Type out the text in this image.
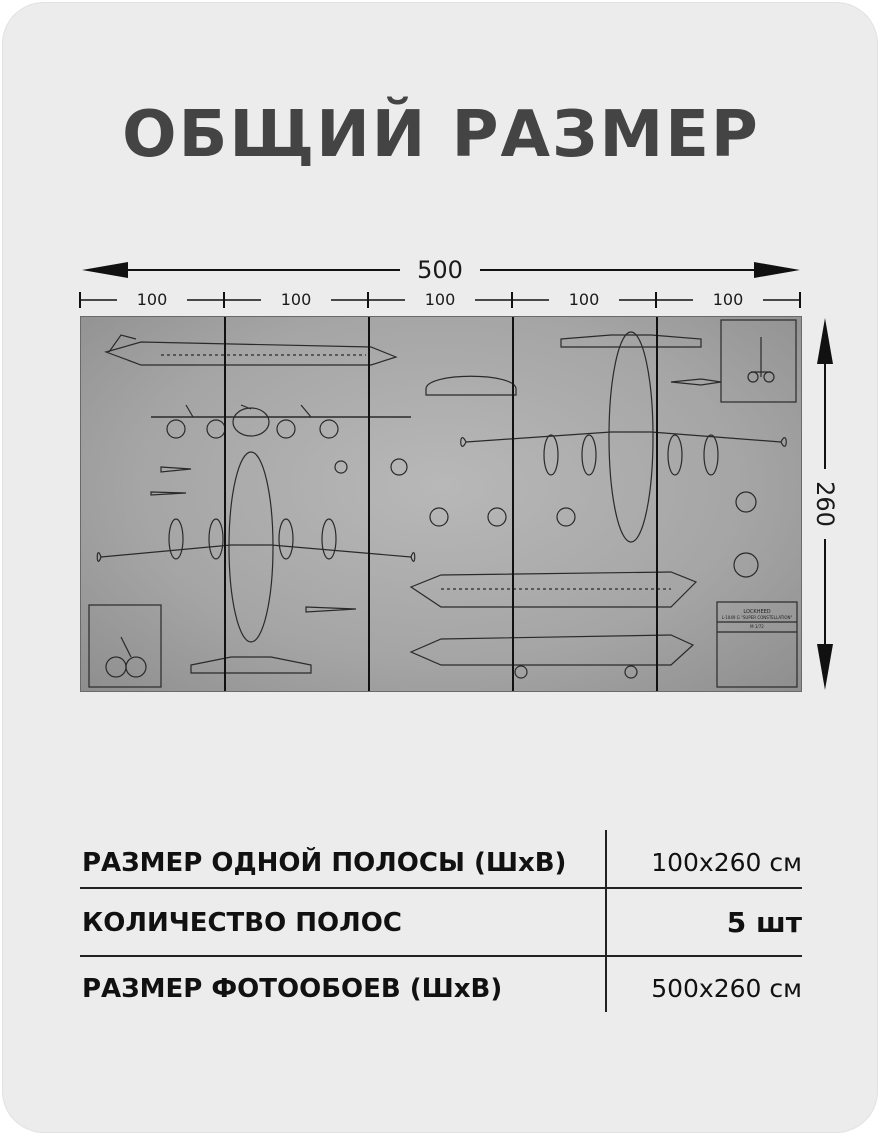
ОБЩИЙ РАЗМЕР
500
100	100	100	100	100
260
LOCKHEED
L-1049 G "SUPER CONSTELLATION"
M 1/72
РАЗМЕР ОДНОЙ ПОЛОСЫ (ШхВ)	100x260 см
КОЛИЧЕСТВО ПОЛОС	5 шт
РАЗМЕР ФОТООБОЕВ (ШхВ)	500x260 см
